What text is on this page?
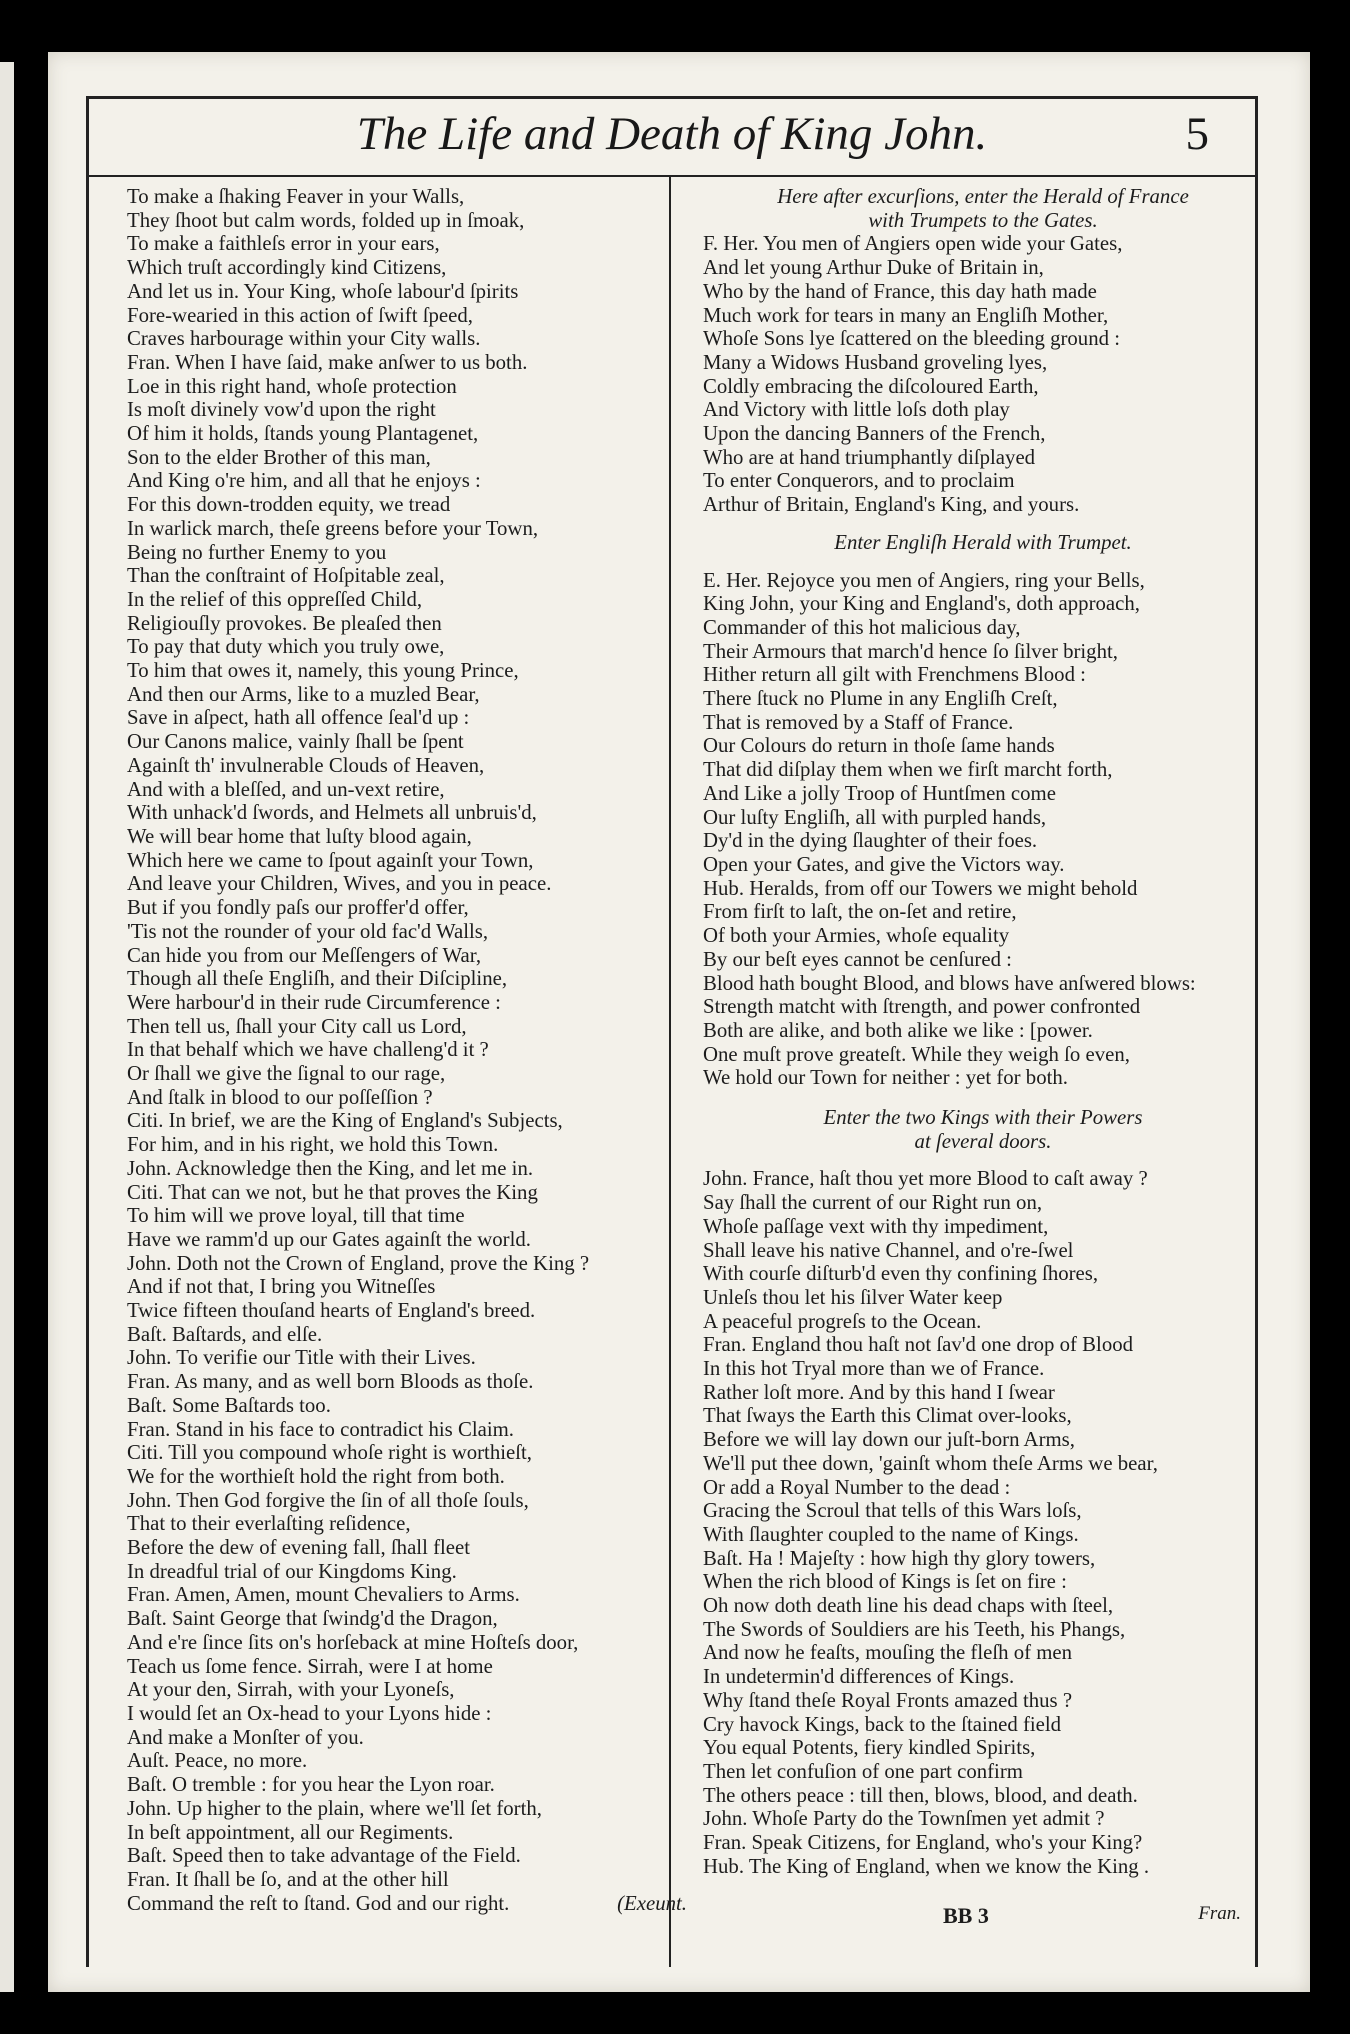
The Life and Death of King John.	5
To make a ſhaking Feaver in your Walls,
They ſhoot but calm words, folded up in ſmoak,
To make a faithleſs error in your ears,
Which truſt accordingly kind Citizens,
And let us in. Your King, whoſe labour'd ſpirits
Fore-wearied in this action of ſwift ſpeed,
Craves harbourage within your City walls.
Fran. When I have ſaid, make anſwer to us both.
Loe in this right hand, whoſe protection
Is moſt divinely vow'd upon the right
Of him it holds, ſtands young Plantagenet,
Son to the elder Brother of this man,
And King o're him, and all that he enjoys :
For this down-trodden equity, we tread
In warlick march, theſe greens before your Town,
Being no further Enemy to you
Than the conſtraint of Hoſpitable zeal,
In the relief of this oppreſſed Child,
Religiouſly provokes. Be pleaſed then
To pay that duty which you truly owe,
To him that owes it, namely, this young Prince,
And then our Arms, like to a muzled Bear,
Save in aſpect, hath all offence ſeal'd up :
Our Canons malice, vainly ſhall be ſpent
Againſt th' invulnerable Clouds of Heaven,
And with a bleſſed, and un-vext retire,
With unhack'd ſwords, and Helmets all unbruis'd,
We will bear home that luſty blood again,
Which here we came to ſpout againſt your Town,
And leave your Children, Wives, and you in peace.
But if you fondly paſs our proffer'd offer,
'Tis not the rounder of your old fac'd Walls,
Can hide you from our Meſſengers of War,
Though all theſe Engliſh, and their Diſcipline,
Were harbour'd in their rude Circumference :
Then tell us, ſhall your City call us Lord,
In that behalf which we have challeng'd it ?
Or ſhall we give the ſignal to our rage,
And ſtalk in blood to our poſſeſſion ?
Citi. In brief, we are the King of England's Subjects,
For him, and in his right, we hold this Town.
John. Acknowledge then the King, and let me in.
Citi. That can we not, but he that proves the King
To him will we prove loyal, till that time
Have we ramm'd up our Gates againſt the world.
John. Doth not the Crown of England, prove the King ?
And if not that, I bring you Witneſſes
Twice fifteen thouſand hearts of England's breed.
Baſt. Baſtards, and elſe.
John. To verifie our Title with their Lives.
Fran. As many, and as well born Bloods as thoſe.
Baſt. Some Baſtards too.
Fran. Stand in his face to contradict his Claim.
Citi. Till you compound whoſe right is worthieſt,
We for the worthieſt hold the right from both.
John. Then God forgive the ſin of all thoſe ſouls,
That to their everlaſting reſidence,
Before the dew of evening fall, ſhall fleet
In dreadful trial of our Kingdoms King.
Fran. Amen, Amen, mount Chevaliers to Arms.
Baſt. Saint George that ſwindg'd the Dragon,
And e're ſince ſits on's horſeback at mine Hoſteſs door,
Teach us ſome fence. Sirrah, were I at home
At your den, Sirrah, with your Lyoneſs,
I would ſet an Ox-head to your Lyons hide :
And make a Monſter of you.
Auſt. Peace, no more.
Baſt. O tremble : for you hear the Lyon roar.
John. Up higher to the plain, where we'll ſet forth,
In beſt appointment, all our Regiments.
Baſt. Speed then to take advantage of the Field.
Fran. It ſhall be ſo, and at the other hill
Command the reſt to ſtand. God and our right.	(Exeunt.
Here after excurſions, enter the Herald of France
with Trumpets to the Gates.
F. Her. You men of Angiers open wide your Gates,
And let young Arthur Duke of Britain in,
Who by the hand of France, this day hath made
Much work for tears in many an Engliſh Mother,
Whoſe Sons lye ſcattered on the bleeding ground :
Many a Widows Husband groveling lyes,
Coldly embracing the diſcoloured Earth,
And Victory with little loſs doth play
Upon the dancing Banners of the French,
Who are at hand triumphantly diſplayed
To enter Conquerors, and to proclaim
Arthur of Britain, England's King, and yours.
Enter Engliſh Herald with Trumpet.
E. Her. Rejoyce you men of Angiers, ring your Bells,
King John, your King and England's, doth approach,
Commander of this hot malicious day,
Their Armours that march'd hence ſo ſilver bright,
Hither return all gilt with Frenchmens Blood :
There ſtuck no Plume in any Engliſh Creſt,
That is removed by a Staff of France.
Our Colours do return in thoſe ſame hands
That did diſplay them when we firſt marcht forth,
And Like a jolly Troop of Huntſmen come
Our luſty Engliſh, all with purpled hands,
Dy'd in the dying ſlaughter of their foes.
Open your Gates, and give the Victors way.
Hub. Heralds, from off our Towers we might behold
From firſt to laſt, the on-ſet and retire,
Of both your Armies, whoſe equality
By our beſt eyes cannot be cenſured :
Blood hath bought Blood, and blows have anſwered blows:
Strength matcht with ſtrength, and power confronted
Both are alike, and both alike we like : [power.
One muſt prove greateſt. While they weigh ſo even,
We hold our Town for neither : yet for both.
Enter the two Kings with their Powers
at ſeveral doors.
John. France, haſt thou yet more Blood to caſt away ?
Say ſhall the current of our Right run on,
Whoſe paſſage vext with thy impediment,
Shall leave his native Channel, and o're-ſwel
With courſe diſturb'd even thy confining ſhores,
Unleſs thou let his ſilver Water keep
A peaceful progreſs to the Ocean.
Fran. England thou haſt not ſav'd one drop of Blood
In this hot Tryal more than we of France.
Rather loſt more. And by this hand I ſwear
That ſways the Earth this Climat over-looks,
Before we will lay down our juſt-born Arms,
We'll put thee down, 'gainſt whom theſe Arms we bear,
Or add a Royal Number to the dead :
Gracing the Scroul that tells of this Wars loſs,
With ſlaughter coupled to the name of Kings.
Baſt. Ha ! Majeſty : how high thy glory towers,
When the rich blood of Kings is ſet on fire :
Oh now doth death line his dead chaps with ſteel,
The Swords of Souldiers are his Teeth, his Phangs,
And now he feaſts, mouſing the fleſh of men
In undetermin'd differences of Kings.
Why ſtand theſe Royal Fronts amazed thus ?
Cry havock Kings, back to the ſtained field
You equal Potents, fiery kindled Spirits,
Then let confuſion of one part confirm
The others peace : till then, blows, blood, and death.
John. Whoſe Party do the Townſmen yet admit ?
Fran. Speak Citizens, for England, who's your King?
Hub. The King of England, when we know the King .
BB 3	Fran.
